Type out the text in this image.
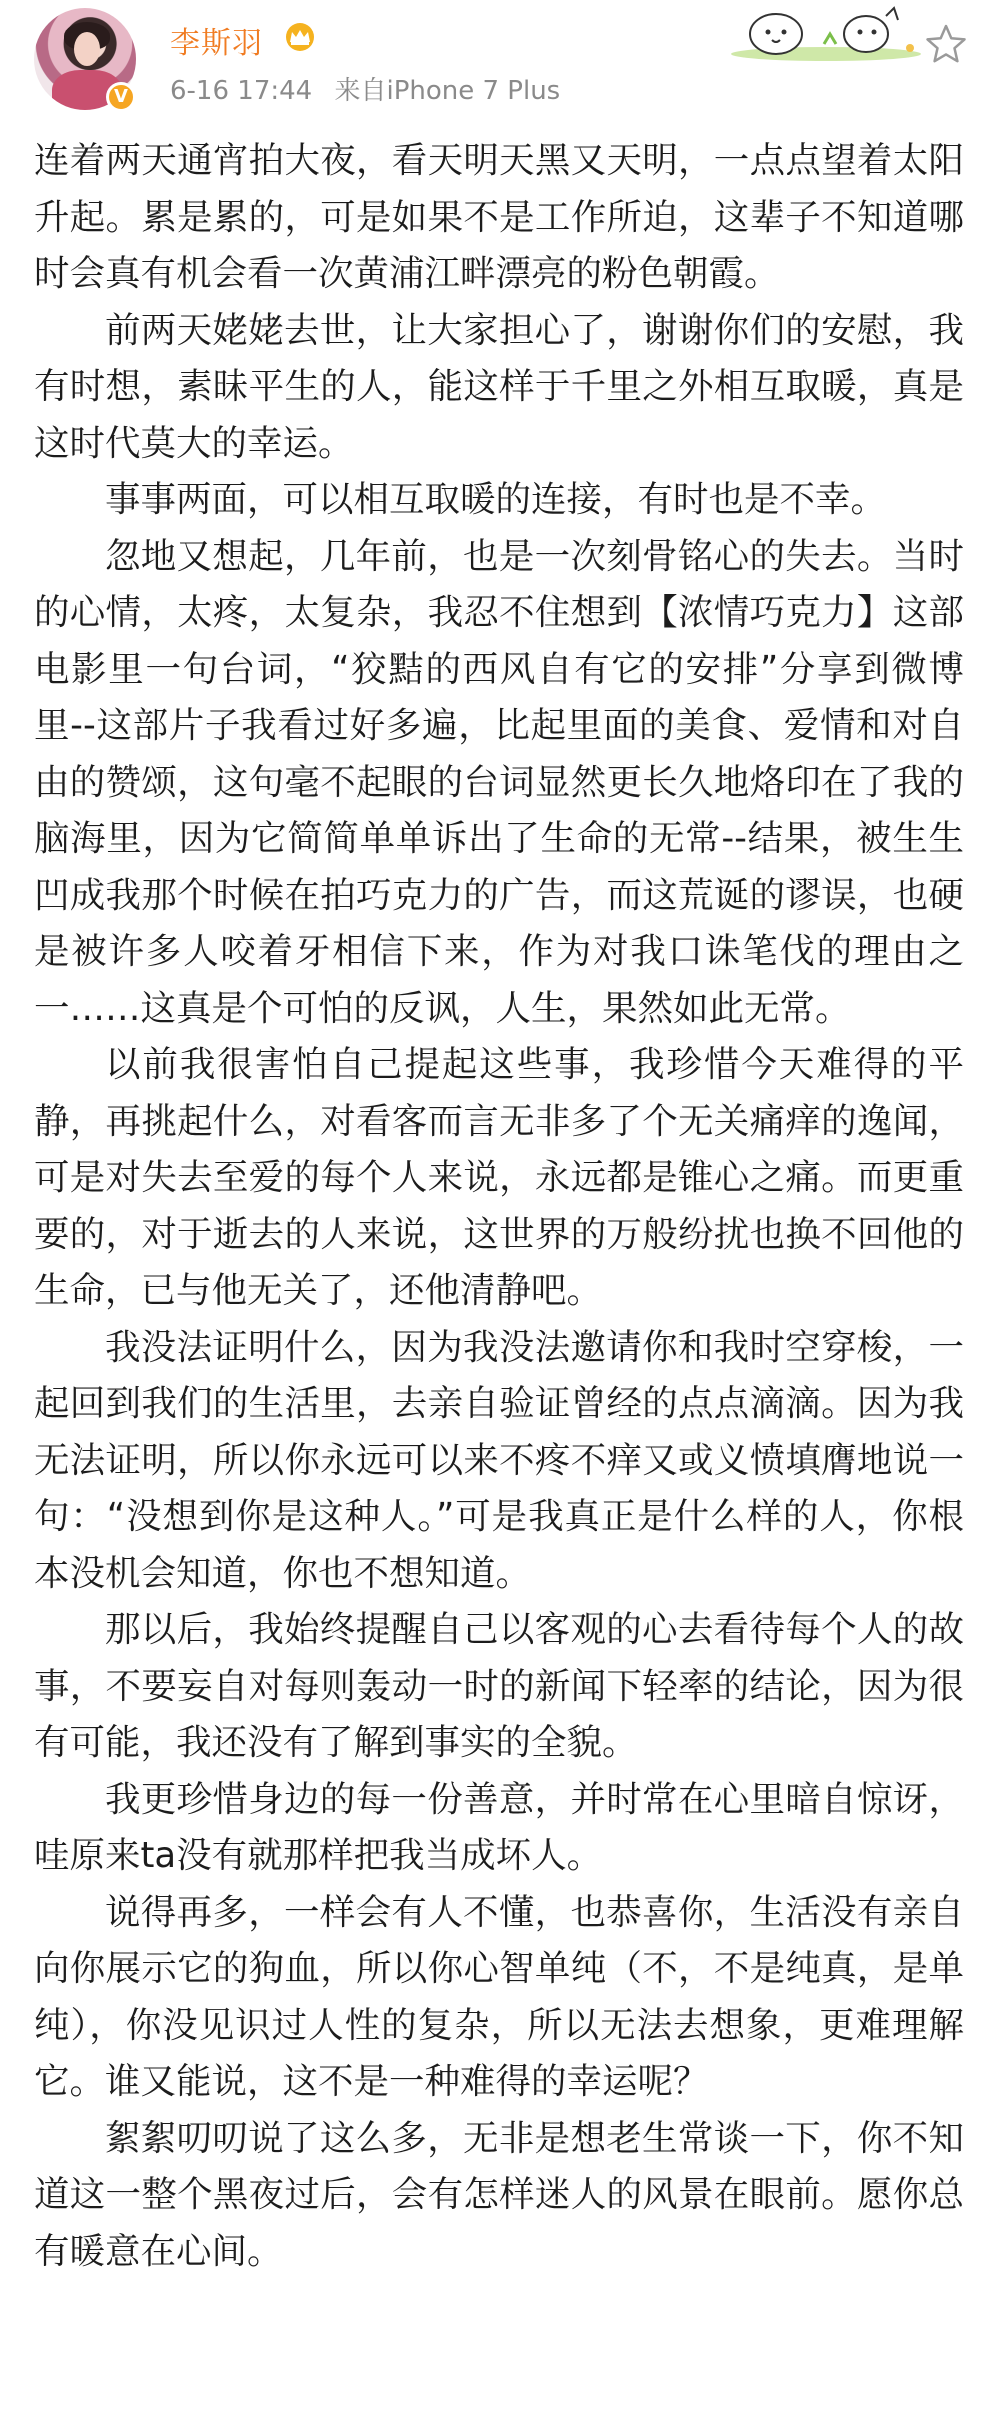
V
李斯羽
6-16 17:44 来自iPhone 7 Plus

连着两天通宵拍大夜，看天明天黑又天明，一点点望着太阳升起。累是累的，可是如果不是工作所迫，这辈子不知道哪时会真有机会看一次黄浦江畔漂亮的粉色朝霞。

前两天姥姥去世，让大家担心了，谢谢你们的安慰，我有时想，素昧平生的人，能这样于千里之外相互取暖，真是这时代莫大的幸运。

事事两面，可以相互取暖的连接，有时也是不幸。

忽地又想起，几年前，也是一次刻骨铭心的失去。当时的心情，太疼，太复杂，我忍不住想到【浓情巧克力】这部电影里一句台词，“狡黠的西风自有它的安排”分享到微博里--这部片子我看过好多遍，比起里面的美食、爱情和对自由的赞颂，这句毫不起眼的台词显然更长久地烙印在了我的脑海里，因为它简简单单诉出了生命的无常--结果，被生生凹成我那个时候在拍巧克力的广告，而这荒诞的谬误，也硬是被许多人咬着牙相信下来，作为对我口诛笔伐的理由之一……这真是个可怕的反讽，人生，果然如此无常。

以前我很害怕自己提起这些事，我珍惜今天难得的平静，再挑起什么，对看客而言无非多了个无关痛痒的逸闻，可是对失去至爱的每个人来说，永远都是锥心之痛。而更重要的，对于逝去的人来说，这世界的万般纷扰也换不回他的生命，已与他无关了，还他清静吧。

我没法证明什么，因为我没法邀请你和我时空穿梭，一起回到我们的生活里，去亲自验证曾经的点点滴滴。因为我无法证明，所以你永远可以来不疼不痒又或义愤填膺地说一句：“没想到你是这种人。”可是我真正是什么样的人，你根本没机会知道，你也不想知道。

那以后，我始终提醒自己以客观的心去看待每个人的故事，不要妄自对每则轰动一时的新闻下轻率的结论，因为很有可能，我还没有了解到事实的全貌。

我更珍惜身边的每一份善意，并时常在心里暗自惊讶，哇原来ta没有就那样把我当成坏人。

说得再多，一样会有人不懂，也恭喜你，生活没有亲自向你展示它的狗血，所以你心智单纯（不，不是纯真，是单纯），你没见识过人性的复杂，所以无法去想象，更难理解它。谁又能说，这不是一种难得的幸运呢？

絮絮叨叨说了这么多，无非是想老生常谈一下，你不知道这一整个黑夜过后，会有怎样迷人的风景在眼前。愿你总有暖意在心间。
